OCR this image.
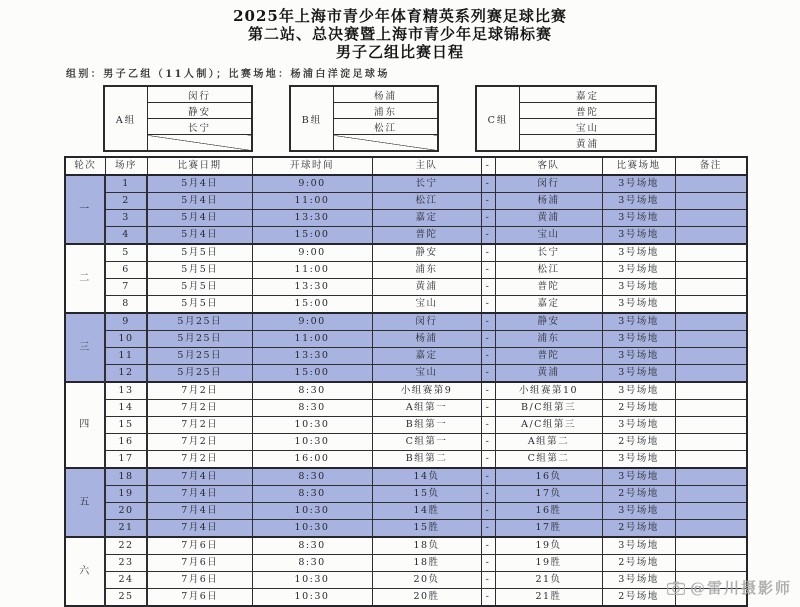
2025年上海市青少年体育精英系列赛足球比赛
第二站、总决赛暨上海市青少年足球锦标赛
男子乙组比赛日程
组别：男子乙组（11人制）；比赛场地：杨浦白洋淀足球场
A组	闵行
静安
长宁

B组	杨浦
浦东
松江

C组	嘉定
普陀
宝山
黄浦
轮次	场序	比赛日期	开球时间	主队	-	客队	比赛场地	备注
一	1	5月4日	9:00	长宁	-	闵行	3号场地	
	2	5月4日	11:00	松江	-	杨浦	3号场地	
	3	5月4日	13:30	嘉定	-	黄浦	3号场地	
	4	5月4日	15:00	普陀	-	宝山	3号场地	
二	5	5月5日	9:00	静安	-	长宁	3号场地	
	6	5月5日	11:00	浦东	-	松江	3号场地	
	7	5月5日	13:30	黄浦	-	普陀	3号场地	
	8	5月5日	15:00	宝山	-	嘉定	3号场地	
三	9	5月25日	9:00	闵行	-	静安	3号场地	
	10	5月25日	11:00	杨浦	-	浦东	3号场地	
	11	5月25日	13:30	嘉定	-	普陀	3号场地	
	12	5月25日	15:00	宝山	-	黄浦	3号场地	
四	13	7月2日	8:30	小组赛第9	-	小组赛第10	3号场地	
	14	7月2日	8:30	A组第一	-	B/C组第三	2号场地	
	15	7月2日	10:30	B组第一	-	A/C组第三	3号场地	
	16	7月2日	10:30	C组第一	-	A组第二	2号场地	
	17	7月2日	16:00	B组第二	-	C组第二	3号场地	
五	18	7月4日	8:30	14负	-	16负	3号场地	
	19	7月4日	8:30	15负	-	17负	2号场地	
	20	7月4日	10:30	14胜	-	16胜	3号场地	
	21	7月4日	10:30	15胜	-	17胜	2号场地	
六	22	7月6日	8:30	18负	-	19负	3号场地	
	23	7月6日	8:30	18胜	-	19胜	2号场地	
	24	7月6日	10:30	20负	-	21负	3号场地	
	25	7月6日	10:30	20胜	-	21胜	2号场地	@雷川摄影师
